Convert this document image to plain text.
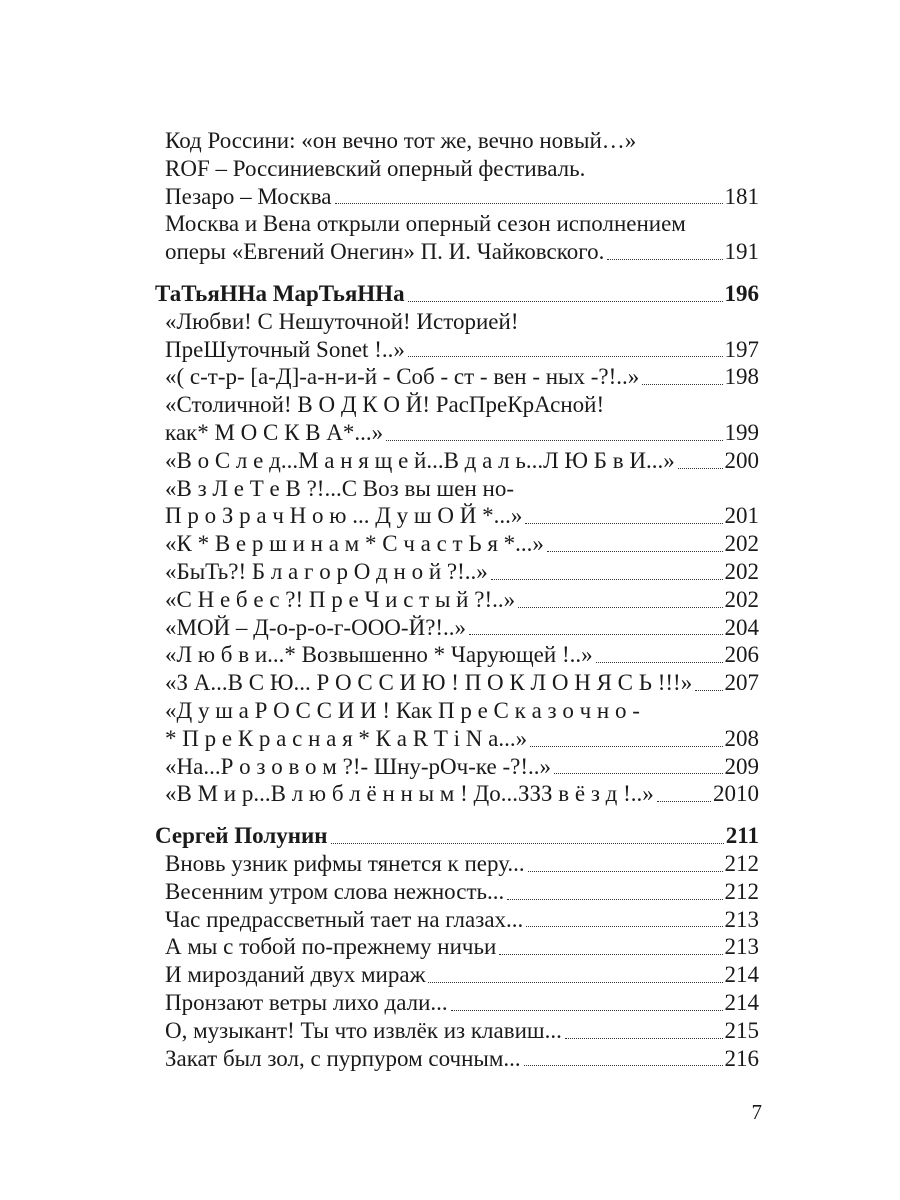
Код Россини: «он вечно тот же, вечно новый…»
ROF – Россиниевский оперный фестиваль.
Пезаро – Москва	181
Москва и Вена открыли оперный сезон исполнением
оперы «Евгений Онегин» П. И. Чайковского.	191
ТаТьяННа МарТьяННа	196
«Любви! С Нешуточной! Историей!
ПреШуточный Sonet !..»	197
«( с-т-р- [а-Д]-а-н-и-й - Соб - ст - вен - ных -?!..»	198
«Столичной! В О Д К О Й! РасПреКрАсной!
как* М О С К В А*...»	199
«В о С л е д...М а н я щ е й...В д а л ь...Л Ю Б в И...» 200
«В з Л е Т е В ?!...С Воз вы шен но-
П р о З р а ч Н о ю ... Д у ш О Й *...»	201
«К * В е р ш и н а м * С ч а с т Ь я *...»	202
«БыТь?! Б л а г о р О д н о й ?!..»	202
«С Н е б е с ?! П р е Ч и с т ы й ?!..»	202
«МОЙ – Д-о-р-о-г-ООО-Й?!..»	204
«Л ю б в и...* Возвышенно * Чарующей !..»	206
«З А...В С Ю... Р О С С И Ю ! П О К Л О Н Я С Ь !!!» 207
«Д у ш а Р О С С И И ! Как П р е С к а з о ч н о -
* П р е К р а с н а я * К а R Т i N а...»	208
«На...Р о з о в о м ?!- Шну-рОч-ке -?!..»	209
«В М и р...В л ю б л ё н н ы м ! До...ЗЗЗ в ё з д !..»	2010
Сергей Полунин	211
Вновь узник рифмы тянется к перу...	212
Весенним утром слова нежность...	212
Час предрассветный тает на глазах...	213
А мы с тобой по-прежнему ничьи	213
И мирозданий двух мираж	214
Пронзают ветры лихо дали...	214
О, музыкант! Ты что извлёк из клавиш...	215
Закат был зол, с пурпуром сочным...	216
7
